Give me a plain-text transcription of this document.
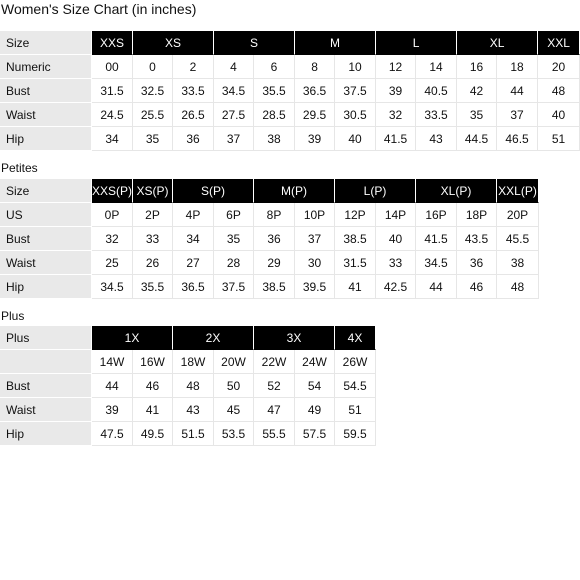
Women's Size Chart (in inches)
Size	XXS	XS		S		M		L		XL		XXL
Numeric	00	0	2	4	6	8	10	12	14	16	18	20
Bust	31.5	32.5	33.5	34.5	35.5	36.5	37.5	39	40.5	42	44	48
Waist	24.5	25.5	26.5	27.5	28.5	29.5	30.5	32	33.5	35	37	40
Hip	34	35	36	37	38	39	40	41.5	43	44.5	46.5	51
Petites
Size	XXS(P)	XS(P)	S(P)		M(P)		L(P)		XL(P)		XXL(P)
US	0P	2P	4P	6P	8P	10P	12P	14P	16P	18P	20P
Bust	32	33	34	35	36	37	38.5	40	41.5	43.5	45.5
Waist	25	26	27	28	29	30	31.5	33	34.5	36	38
Hip	34.5	35.5	36.5	37.5	38.5	39.5	41	42.5	44	46	48
Plus
Plus	1X		2X		3X		4X
	14W	16W	18W	20W	22W	24W	26W
Bust	44	46	48	50	52	54	54.5
Waist	39	41	43	45	47	49	51
Hip	47.5	49.5	51.5	53.5	55.5	57.5	59.5
